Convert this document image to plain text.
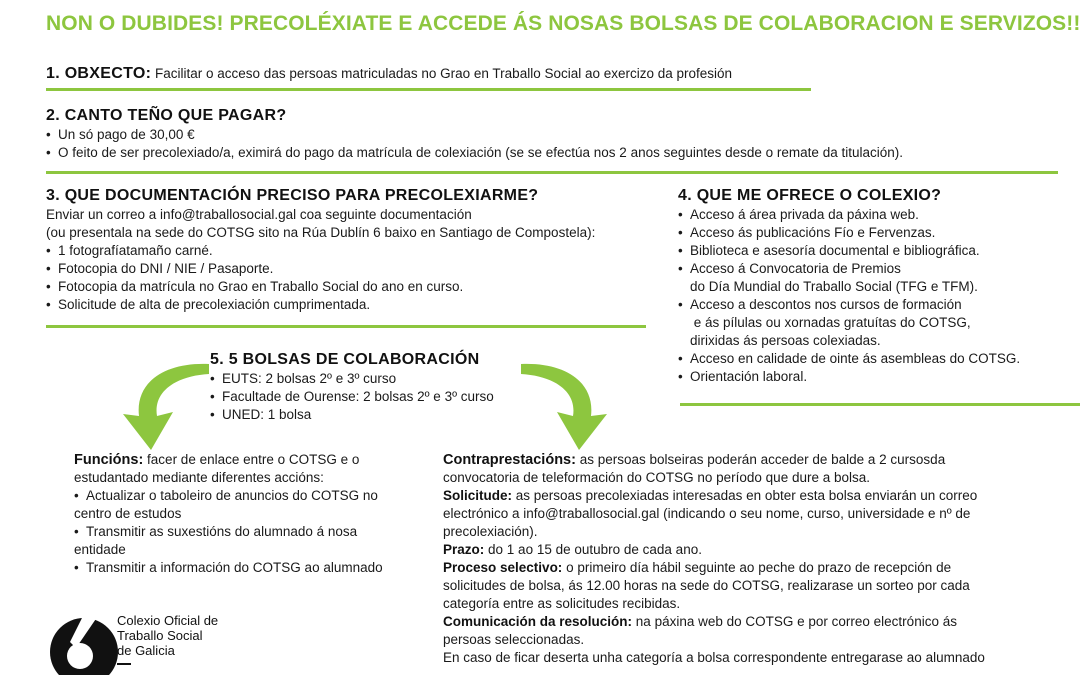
NON O DUBIDES! PRECOLÉXIATE E ACCEDE ÁS NOSAS BOLSAS DE COLABORACION E SERVIZOS!!
1. OBXECTO: Facilitar o acceso das persoas matriculadas no Grao en Traballo Social ao exercizo da profesión
2. CANTO TEÑO QUE PAGAR?
• Un só pago de 30,00 €
• O feito de ser precolexiado/a, eximirá do pago da matrícula de colexiación (se se efectúa nos 2 anos seguintes desde o remate da titulación).
3. QUE DOCUMENTACIÓN PRECISO PARA PRECOLEXIARME?
Enviar un correo a info@traballosocial.gal coa seguinte documentación
(ou presentala na sede do COTSG sito na Rúa Dublín 6 baixo en Santiago de Compostela):
• 1 fotografíatamaño carné.
• Fotocopia do DNI / NIE / Pasaporte.
• Fotocopia da matrícula no Grao en Traballo Social do ano en curso.
• Solicitude de alta de precolexiación cumprimentada.
4. QUE ME OFRECE O COLEXIO?
• Acceso á área privada da páxina web.
• Acceso ás publicacións Fío e Fervenzas.
• Biblioteca e asesoría documental e bibliográfica.
• Acceso á Convocatoria de Premios
do Día Mundial do Traballo Social (TFG e TFM).
• Acceso a descontos nos cursos de formación
e ás pílulas ou xornadas gratuítas do COTSG,
dirixidas ás persoas colexiadas.
• Acceso en calidade de ointe ás asembleas do COTSG.
• Orientación laboral.
5. 5 BOLSAS DE COLABORACIÓN
• EUTS: 2 bolsas 2º e 3º curso
• Facultade de Ourense: 2 bolsas 2º e 3º curso
• UNED: 1 bolsa
Funcións: facer de enlace entre o COTSG e o
estudantado mediante diferentes accións:
• Actualizar o taboleiro de anuncios do COTSG no
centro de estudos
• Transmitir as suxestións do alumnado á nosa
entidade
• Transmitir a información do COTSG ao alumnado
Contraprestacións: as persoas bolseiras poderán acceder de balde a 2 cursosda
convocatoria de teleformación do COTSG no período que dure a bolsa.
Solicitude: as persoas precolexiadas interesadas en obter esta bolsa enviarán un correo
electrónico a info@traballosocial.gal (indicando o seu nome, curso, universidade e nº de
precolexiación).
Prazo: do 1 ao 15 de outubro de cada ano.
Proceso selectivo: o primeiro día hábil seguinte ao peche do prazo de recepción de
solicitudes de bolsa, ás 12.00 horas na sede do COTSG, realizarase un sorteo por cada
categoría entre as solicitudes recibidas.
Comunicación da resolución: na páxina web do COTSG e por correo electrónico ás
persoas seleccionadas.
En caso de ficar deserta unha categoría a bolsa correspondente entregarase ao alumnado
Colexio Oficial de
Traballo Social
de Galicia
